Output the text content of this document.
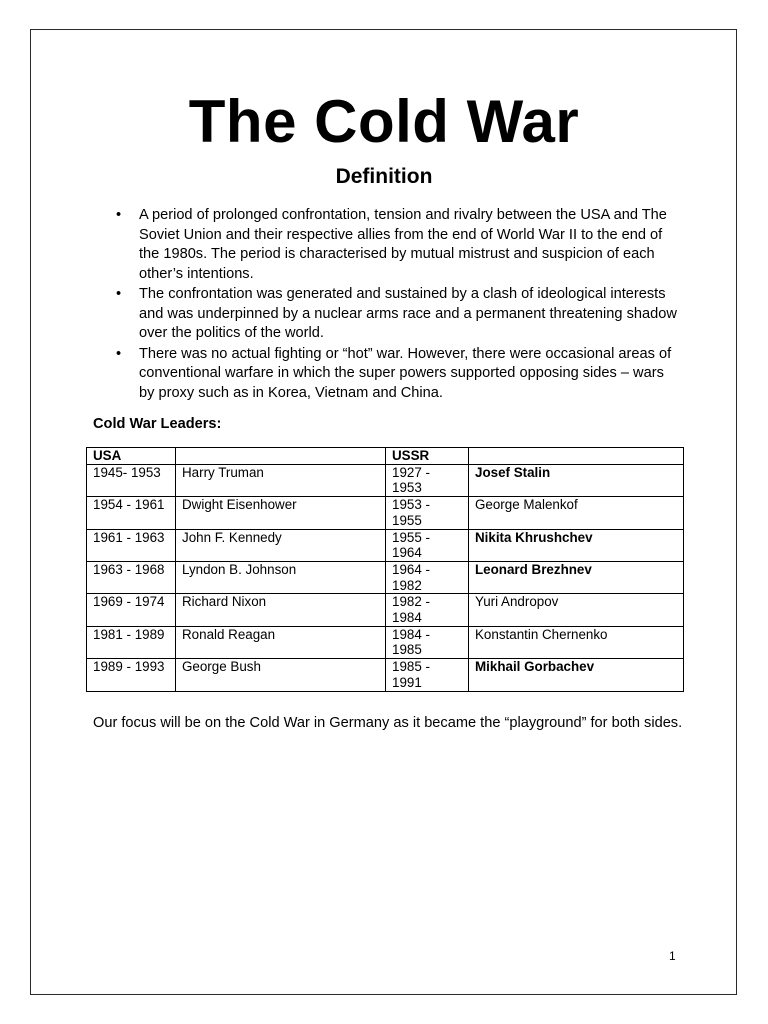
The Cold War
Definition
• A period of prolonged confrontation, tension and rivalry between the USA and The Soviet Union and their respective allies from the end of World War II to the end of the 1980s. The period is characterised by mutual mistrust and suspicion of each other’s intentions.
• The confrontation was generated and sustained by a clash of ideological interests and was underpinned by a nuclear arms race and a permanent threatening shadow over the politics of the world.
• There was no actual fighting or “hot” war. However, there were occasional areas of conventional warfare in which the super powers supported opposing sides – wars by proxy such as in Korea, Vietnam and China.
Cold War Leaders:
USA		USSR	
1945- 1953	Harry Truman	1927 - 1953	Josef Stalin
1954 - 1961	Dwight Eisenhower	1953 - 1955	George Malenkof
1961 - 1963	John F. Kennedy	1955 - 1964	Nikita Khrushchev
1963 - 1968	Lyndon B. Johnson	1964 - 1982	Leonard Brezhnev
1969 - 1974	Richard Nixon	1982 - 1984	Yuri Andropov
1981 - 1989	Ronald Reagan	1984 - 1985	Konstantin Chernenko
1989 - 1993	George Bush	1985 - 1991	Mikhail Gorbachev
Our focus will be on the Cold War in Germany as it became the “playground” for both sides.
1
